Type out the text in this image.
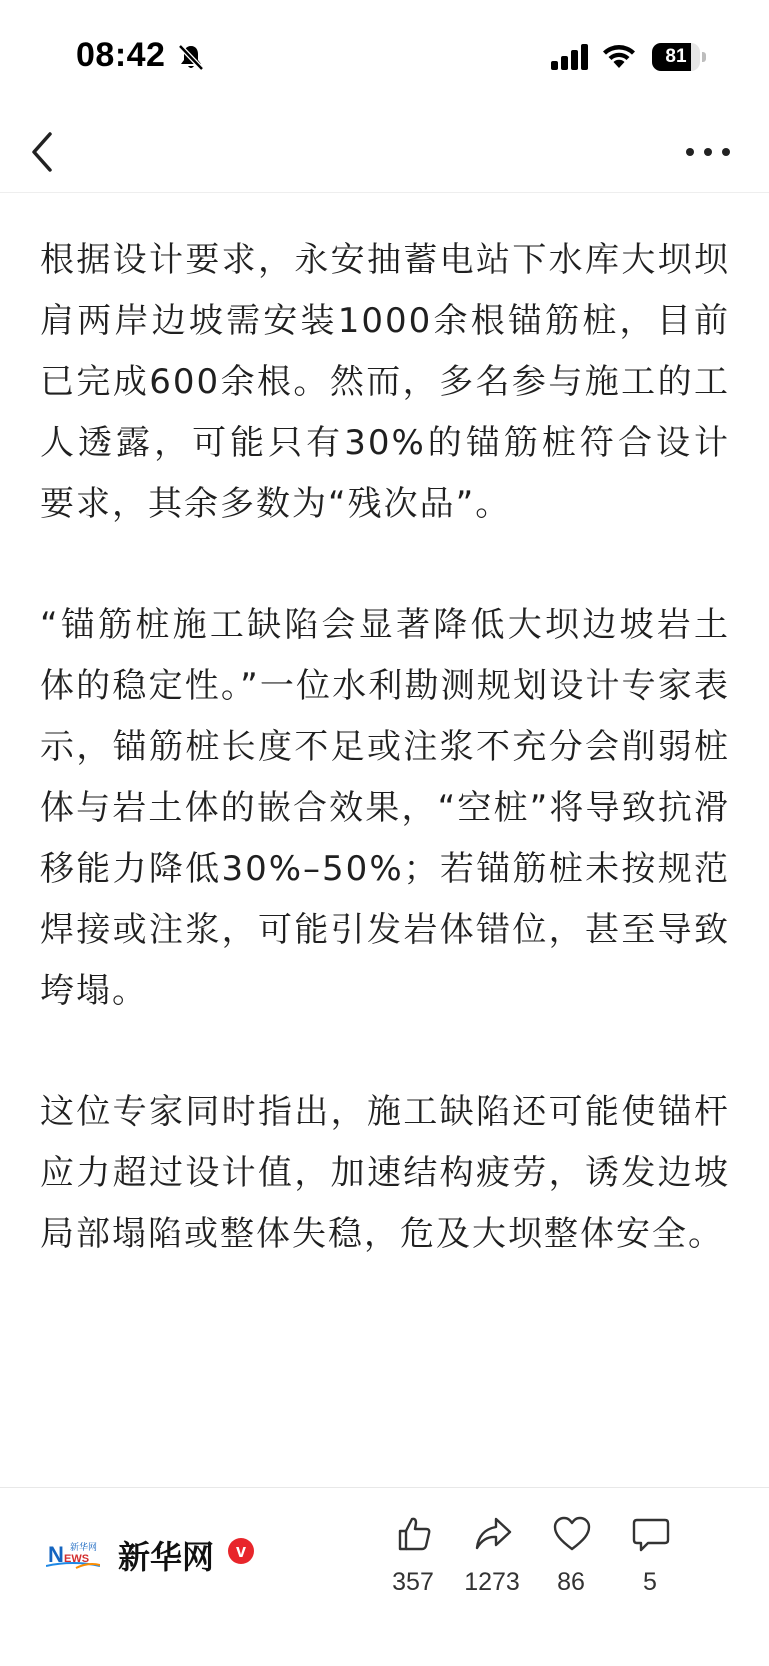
08:42	81

根据设计要求，永安抽蓄电站下水库大坝坝肩两岸边坡需安装1000余根锚筋桩，目前已完成600余根。然而，多名参与施工的工人透露，可能只有30%的锚筋桩符合设计要求，其余多数为“残次品”。

“锚筋桩施工缺陷会显著降低大坝边坡岩土体的稳定性。”一位水利勘测规划设计专家表示，锚筋桩长度不足或注浆不充分会削弱桩体与岩土体的嵌合效果，“空桩”将导致抗滑移能力降低30%–50%；若锚筋桩未按规范焊接或注浆，可能引发岩体错位，甚至导致垮塌。

这位专家同时指出，施工缺陷还可能使锚杆应力超过设计值，加速结构疲劳，诱发边坡局部塌陷或整体失稳，危及大坝整体安全。

N EWS
新华网 新华网	v
357	1273	86	5
